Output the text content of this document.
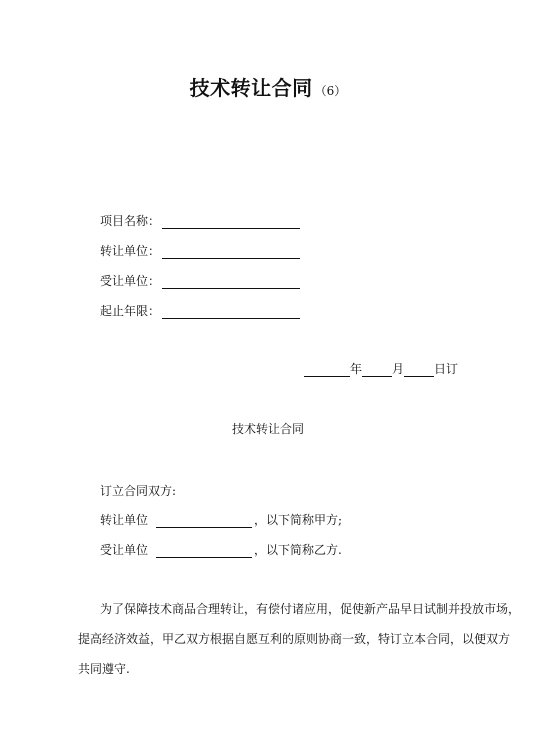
技术转让合同 （6）
项目名称：
转让单位：
受让单位：
起止年限：
年	月	日订
技术转让合同
订立合同双方:
转让单位	，以下简称甲方;
受让单位	，以下简称乙方.
为了保障技术商品合理转让，有偿付诸应用，促使新产品早日试制并投放市场，
提高经济效益，甲乙双方根据自愿互利的原则协商一致，特订立本合同，以便双方
共同遵守.
